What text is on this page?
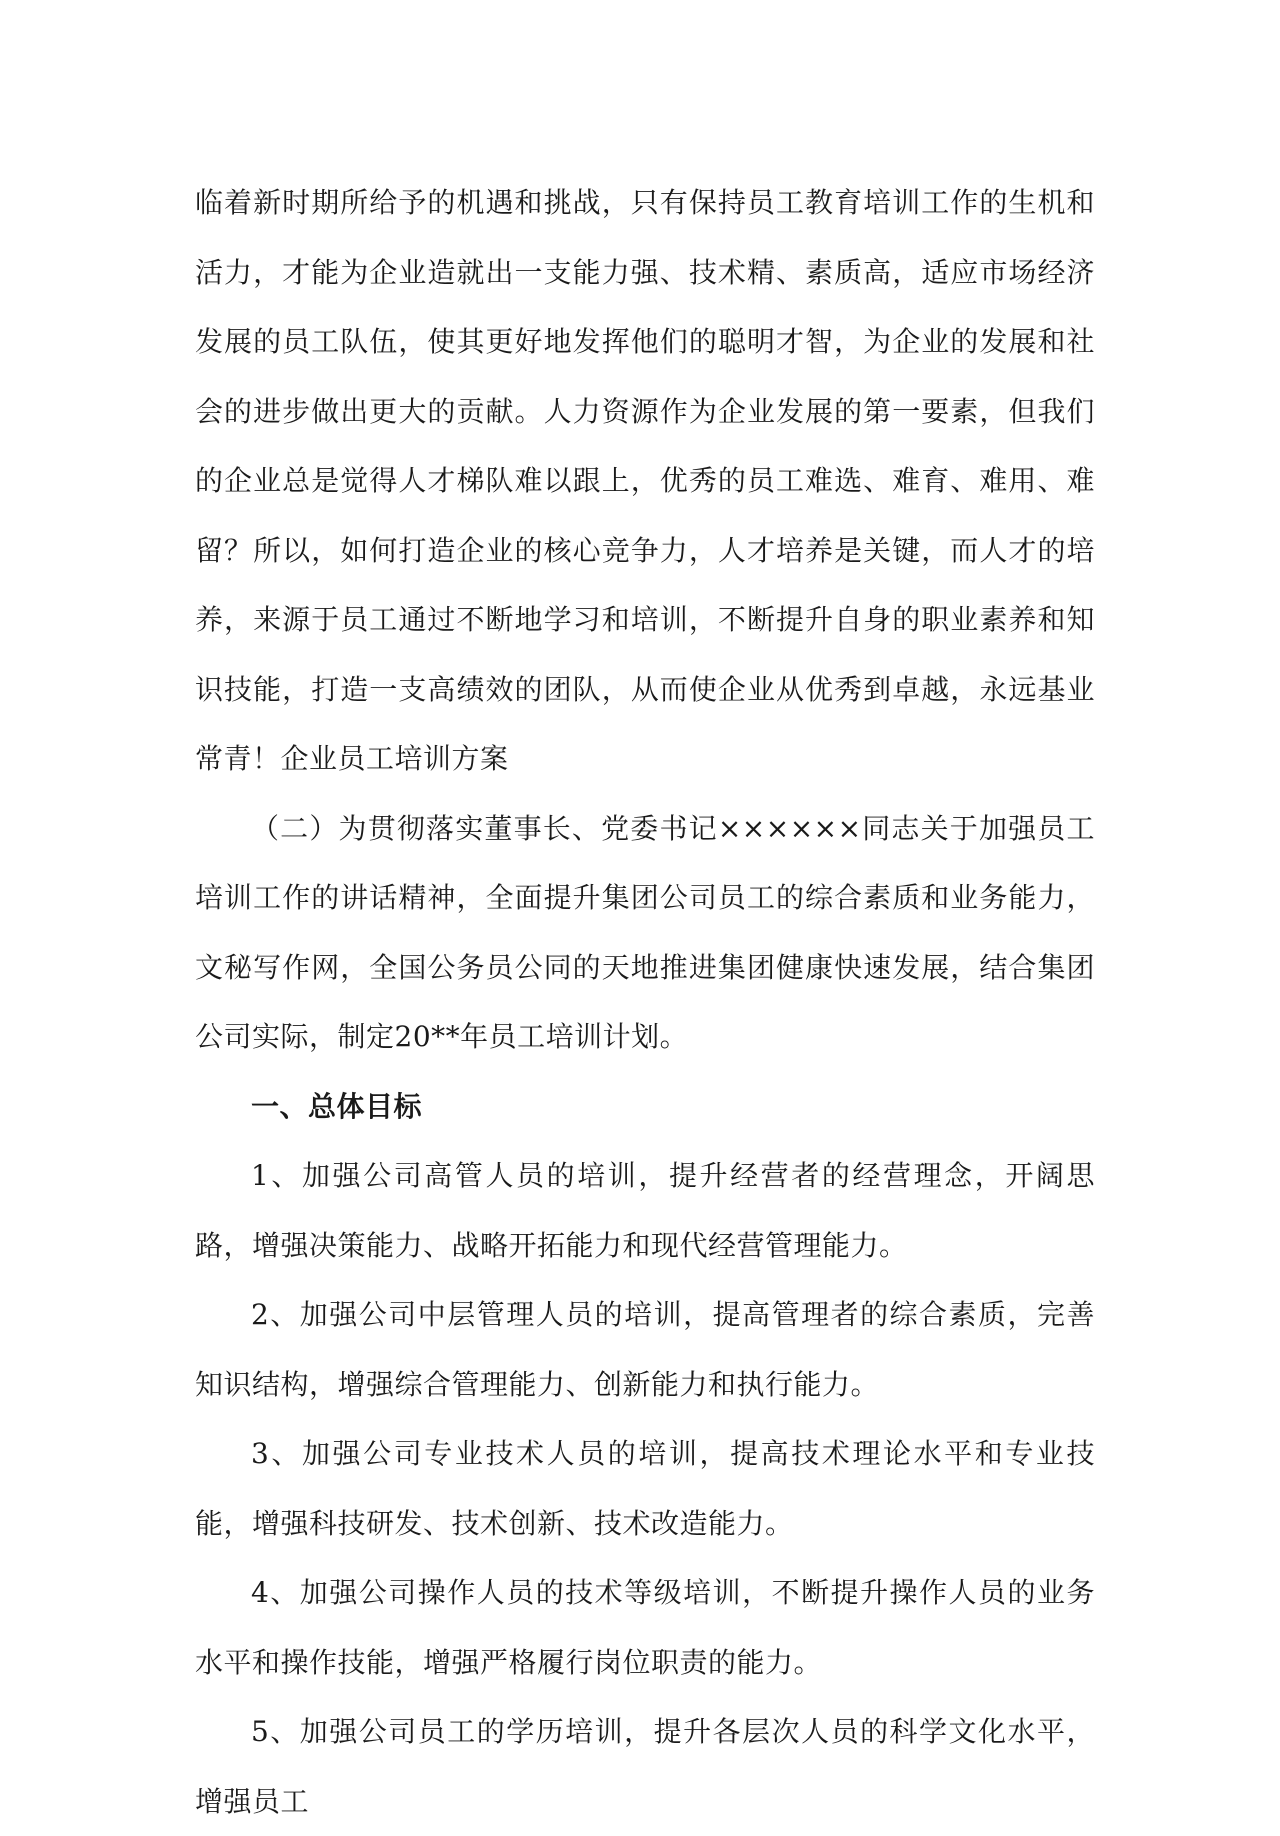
临着新时期所给予的机遇和挑战，只有保持员工教育培训工作的生机和活力，才能为企业造就出一支能力强、技术精、素质高，适应市场经济发展的员工队伍，使其更好地发挥他们的聪明才智，为企业的发展和社会的进步做出更大的贡献。人力资源作为企业发展的第一要素，但我们的企业总是觉得人才梯队难以跟上，优秀的员工难选、难育、难用、难留？所以，如何打造企业的核心竞争力，人才培养是关键，而人才的培养，来源于员工通过不断地学习和培训，不断提升自身的职业素养和知识技能，打造一支高绩效的团队，从而使企业从优秀到卓越，永远基业常青！企业员工培训方案

（二）为贯彻落实董事长、党委书记××××××同志关于加强员工培训工作的讲话精神，全面提升集团公司员工的综合素质和业务能力，文秘写作网，全国公务员公同的天地推进集团健康快速发展，结合集团公司实际，制定20**年员工培训计划。

一、总体目标

1、加强公司高管人员的培训，提升经营者的经营理念，开阔思路，增强决策能力、战略开拓能力和现代经营管理能力。

2、加强公司中层管理人员的培训，提高管理者的综合素质，完善知识结构，增强综合管理能力、创新能力和执行能力。

3、加强公司专业技术人员的培训，提高技术理论水平和专业技能，增强科技研发、技术创新、技术改造能力。

4、加强公司操作人员的技术等级培训，不断提升操作人员的业务水平和操作技能，增强严格履行岗位职责的能力。

5、加强公司员工的学历培训，提升各层次人员的科学文化水平，增强员工
